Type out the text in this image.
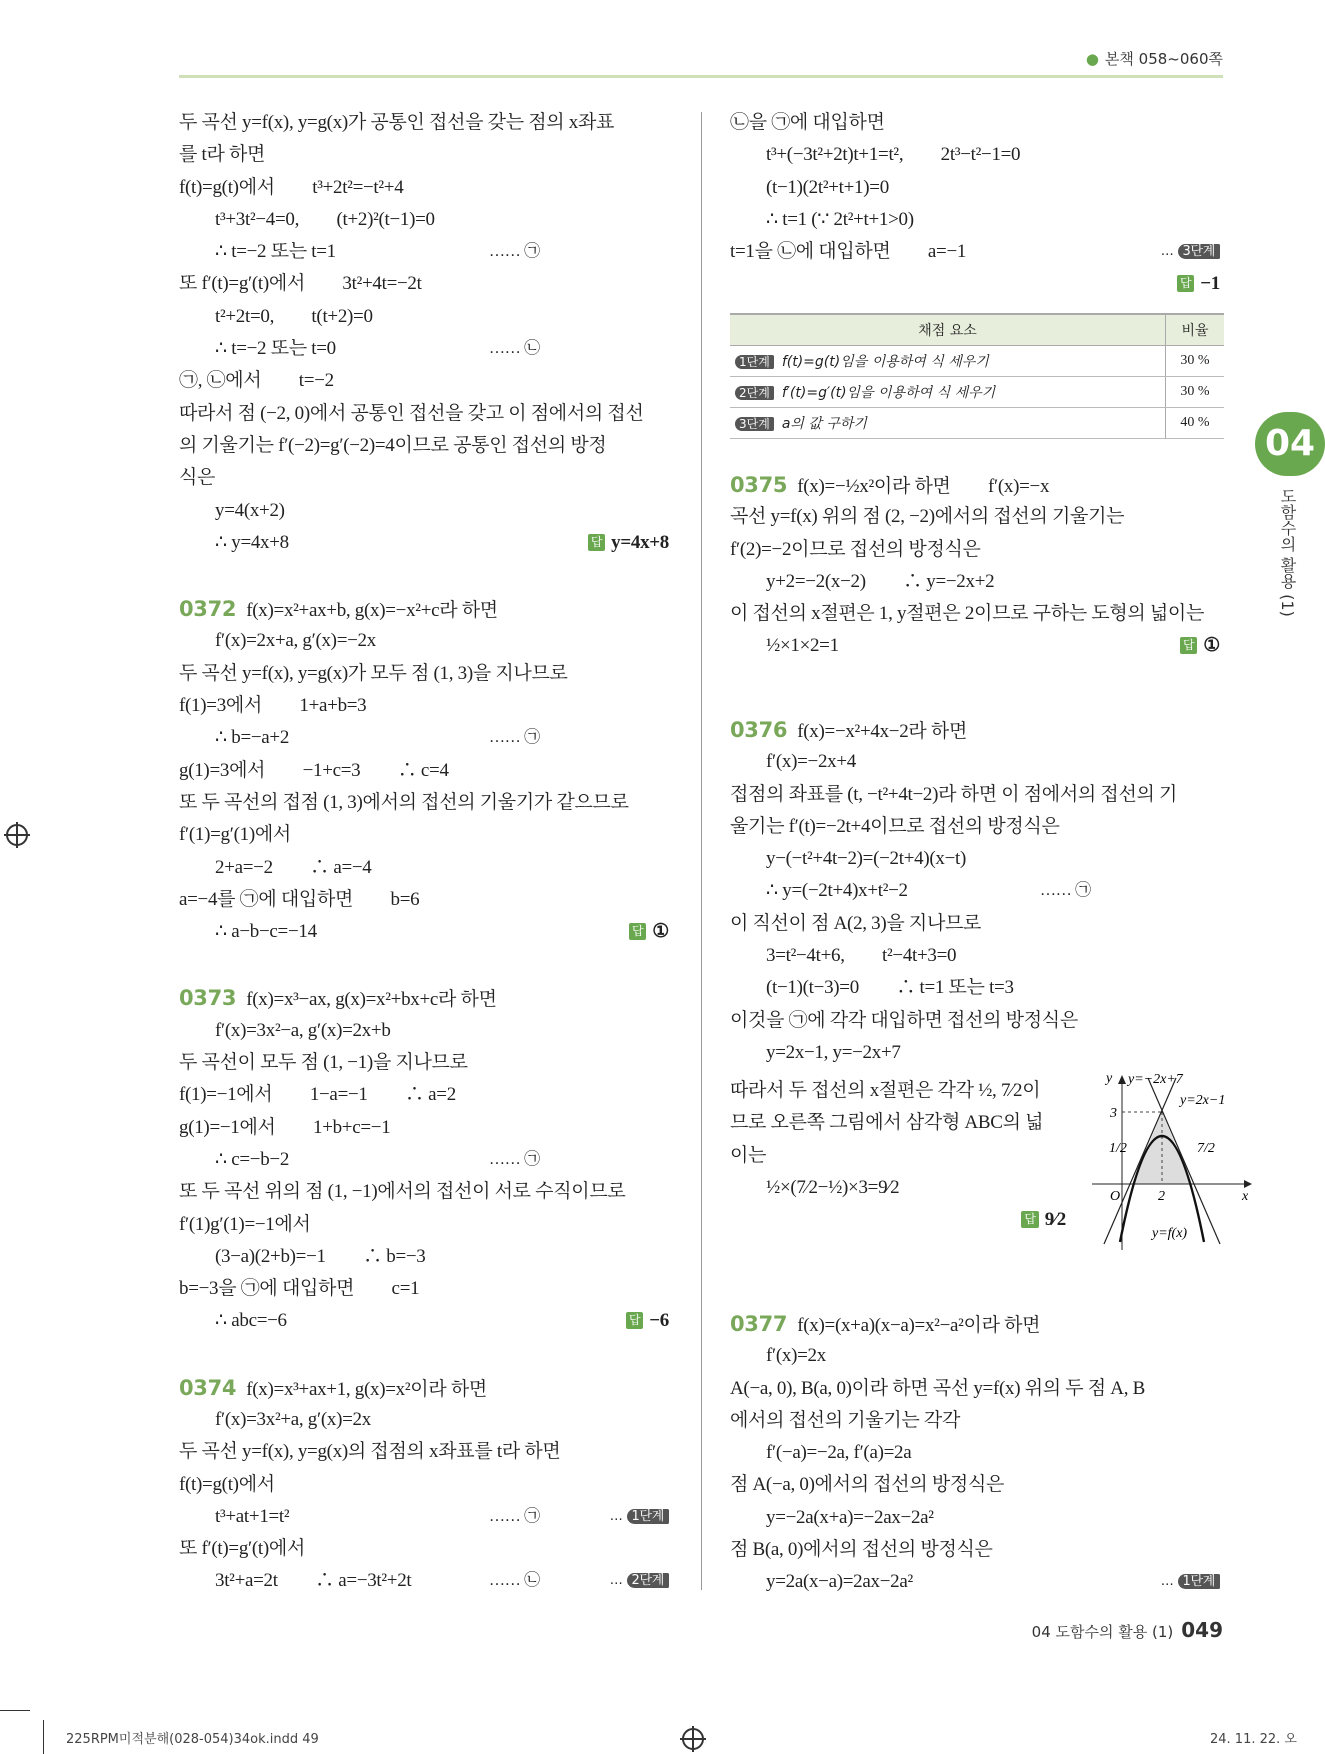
● 본책 058~060쪽
두 곡선 y=f(x), y=g(x)가 공통인 접선을 갖는 점의 x좌표
를 t라 하면
f(t)=g(t)에서　　t³+2t²=−t²+4
t³+3t²−4=0,　　(t+2)²(t−1)=0
∴ t=−2 또는 t=1	…… ㉠
또 f′(t)=g′(t)에서　　3t²+4t=−2t
t²+2t=0,　　t(t+2)=0
∴ t=−2 또는 t=0	…… ㉡
㉠, ㉡에서　　t=−2
따라서 점 (−2, 0)에서 공통인 접선을 갖고 이 점에서의 접선
의 기울기는 f′(−2)=g′(−2)=4이므로 공통인 접선의 방정
식은
y=4(x+2)
∴ y=4x+8	답 y=4x+8
0372 f(x)=x²+ax+b, g(x)=−x²+c라 하면
f′(x)=2x+a, g′(x)=−2x
두 곡선 y=f(x), y=g(x)가 모두 점 (1, 3)을 지나므로
f(1)=3에서　　1+a+b=3
∴ b=−a+2	…… ㉠
g(1)=3에서　　−1+c=3　　∴ c=4
또 두 곡선의 접점 (1, 3)에서의 접선의 기울기가 같으므로
f′(1)=g′(1)에서
2+a=−2　　∴ a=−4
a=−4를 ㉠에 대입하면　　b=6
∴ a−b−c=−14	답 ①
0373 f(x)=x³−ax, g(x)=x²+bx+c라 하면
f′(x)=3x²−a, g′(x)=2x+b
두 곡선이 모두 점 (1, −1)을 지나므로
f(1)=−1에서　　1−a=−1　　∴ a=2
g(1)=−1에서　　1+b+c=−1
∴ c=−b−2	…… ㉠
또 두 곡선 위의 점 (1, −1)에서의 접선이 서로 수직이므로
f′(1)g′(1)=−1에서
(3−a)(2+b)=−1　　∴ b=−3
b=−3을 ㉠에 대입하면　　c=1
∴ abc=−6	답 −6
0374 f(x)=x³+ax+1, g(x)=x²이라 하면
f′(x)=3x²+a, g′(x)=2x
두 곡선 y=f(x), y=g(x)의 접점의 x좌표를 t라 하면
f(t)=g(t)에서
t³+at+1=t²	…… ㉠	… 1단계
또 f′(t)=g′(t)에서
3t²+a=2t　　∴ a=−3t²+2t	…… ㉡	… 2단계
㉡을 ㉠에 대입하면
t³+(−3t²+2t)t+1=t²,　　2t³−t²−1=0
(t−1)(2t²+t+1)=0
∴ t=1 (∵ 2t²+t+1>0)
t=1을 ㉡에 대입하면　　a=−1	… 3단계
답 −1
채점 요소	비율
1단계 f(t)=g(t)임을 이용하여 식 세우기	30 %
2단계 f′(t)=g′(t)임을 이용하여 식 세우기	30 %
3단계 a의 값 구하기	40 %
0375 f(x)=−½x²이라 하면　　f′(x)=−x
곡선 y=f(x) 위의 점 (2, −2)에서의 접선의 기울기는
f′(2)=−2이므로 접선의 방정식은
y+2=−2(x−2)　　∴ y=−2x+2
이 접선의 x절편은 1, y절편은 2이므로 구하는 도형의 넓이는
½×1×2=1	답 ①
0376 f(x)=−x²+4x−2라 하면
f′(x)=−2x+4
접점의 좌표를 (t, −t²+4t−2)라 하면 이 점에서의 접선의 기
울기는 f′(t)=−2t+4이므로 접선의 방정식은
y−(−t²+4t−2)=(−2t+4)(x−t)
∴ y=(−2t+4)x+t²−2	…… ㉠
이 직선이 점 A(2, 3)을 지나므로
3=t²−4t+6,　　t²−4t+3=0
(t−1)(t−3)=0　　∴ t=1 또는 t=3
이것을 ㉠에 각각 대입하면 접선의 방정식은
y=2x−1, y=−2x+7
따라서 두 접선의 x절편은 각각 ½, 7⁄2이
므로 오른쪽 그림에서 삼각형 ABC의 넓
이는
½×(7⁄2−½)×3=9⁄2
답 9⁄2
y y=−2x+7
y=2x−1
3
O	2	x
1/2	7/2
y=f(x)
0377 f(x)=(x+a)(x−a)=x²−a²이라 하면
f′(x)=2x
A(−a, 0), B(a, 0)이라 하면 곡선 y=f(x) 위의 두 점 A, B
에서의 접선의 기울기는 각각
f′(−a)=−2a, f′(a)=2a
점 A(−a, 0)에서의 접선의 방정식은
y=−2a(x+a)=−2ax−2a²
점 B(a, 0)에서의 접선의 방정식은
y=2a(x−a)=2ax−2a²	… 1단계
04
도함수의 활용 (1)
04 도함수의 활용 (1) 049
225RPM미적분해(028-054)34ok.indd 49	24. 11. 22. 오
